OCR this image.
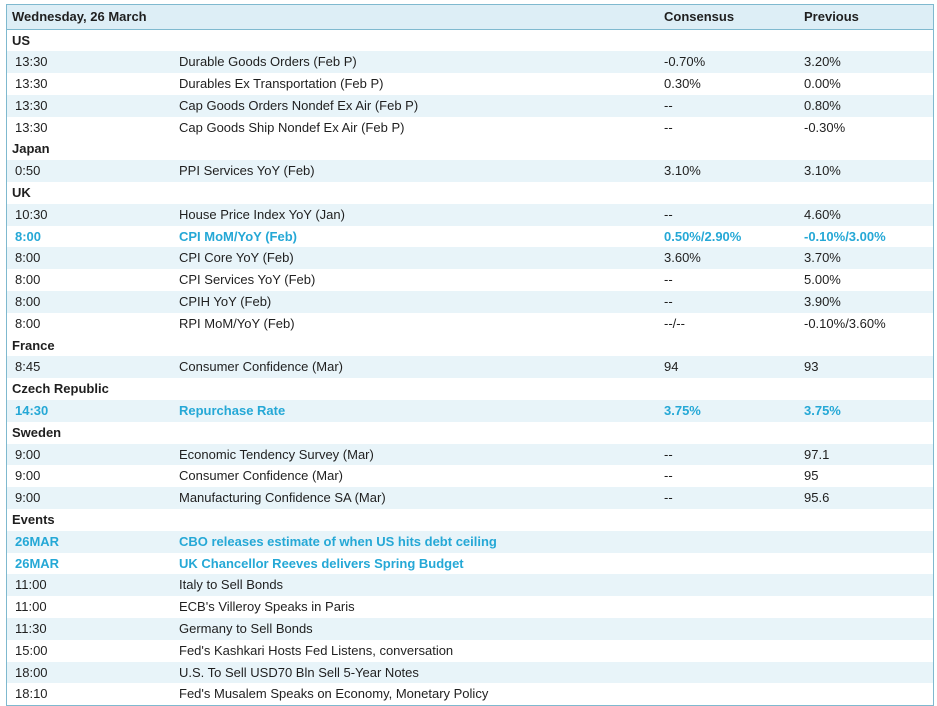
Wednesday, 26 March	Consensus	Previous
US
13:30	Durable Goods Orders (Feb P)	-0.70%	3.20%
13:30	Durables Ex Transportation (Feb P)	0.30%	0.00%
13:30	Cap Goods Orders Nondef Ex Air (Feb P)	--	0.80%
13:30	Cap Goods Ship Nondef Ex Air (Feb P)	--	-0.30%
Japan
0:50	PPI Services YoY (Feb)	3.10%	3.10%
UK
10:30	House Price Index YoY (Jan)	--	4.60%
8:00	CPI MoM/YoY (Feb)	0.50%/2.90%	-0.10%/3.00%
8:00	CPI Core YoY (Feb)	3.60%	3.70%
8:00	CPI Services YoY (Feb)	--	5.00%
8:00	CPIH YoY (Feb)	--	3.90%
8:00	RPI MoM/YoY (Feb)	--/--	-0.10%/3.60%
France
8:45	Consumer Confidence (Mar)	94	93
Czech Republic
14:30	Repurchase Rate	3.75%	3.75%
Sweden
9:00	Economic Tendency Survey (Mar)	--	97.1
9:00	Consumer Confidence (Mar)	--	95
9:00	Manufacturing Confidence SA (Mar)	--	95.6
Events
26MAR	CBO releases estimate of when US hits debt ceiling
26MAR	UK Chancellor Reeves delivers Spring Budget
11:00	Italy to Sell Bonds
11:00	ECB's Villeroy Speaks in Paris
11:30	Germany to Sell Bonds
15:00	Fed's Kashkari Hosts Fed Listens, conversation
18:00	U.S. To Sell USD70 Bln Sell 5-Year Notes
18:10	Fed's Musalem Speaks on Economy, Monetary Policy
